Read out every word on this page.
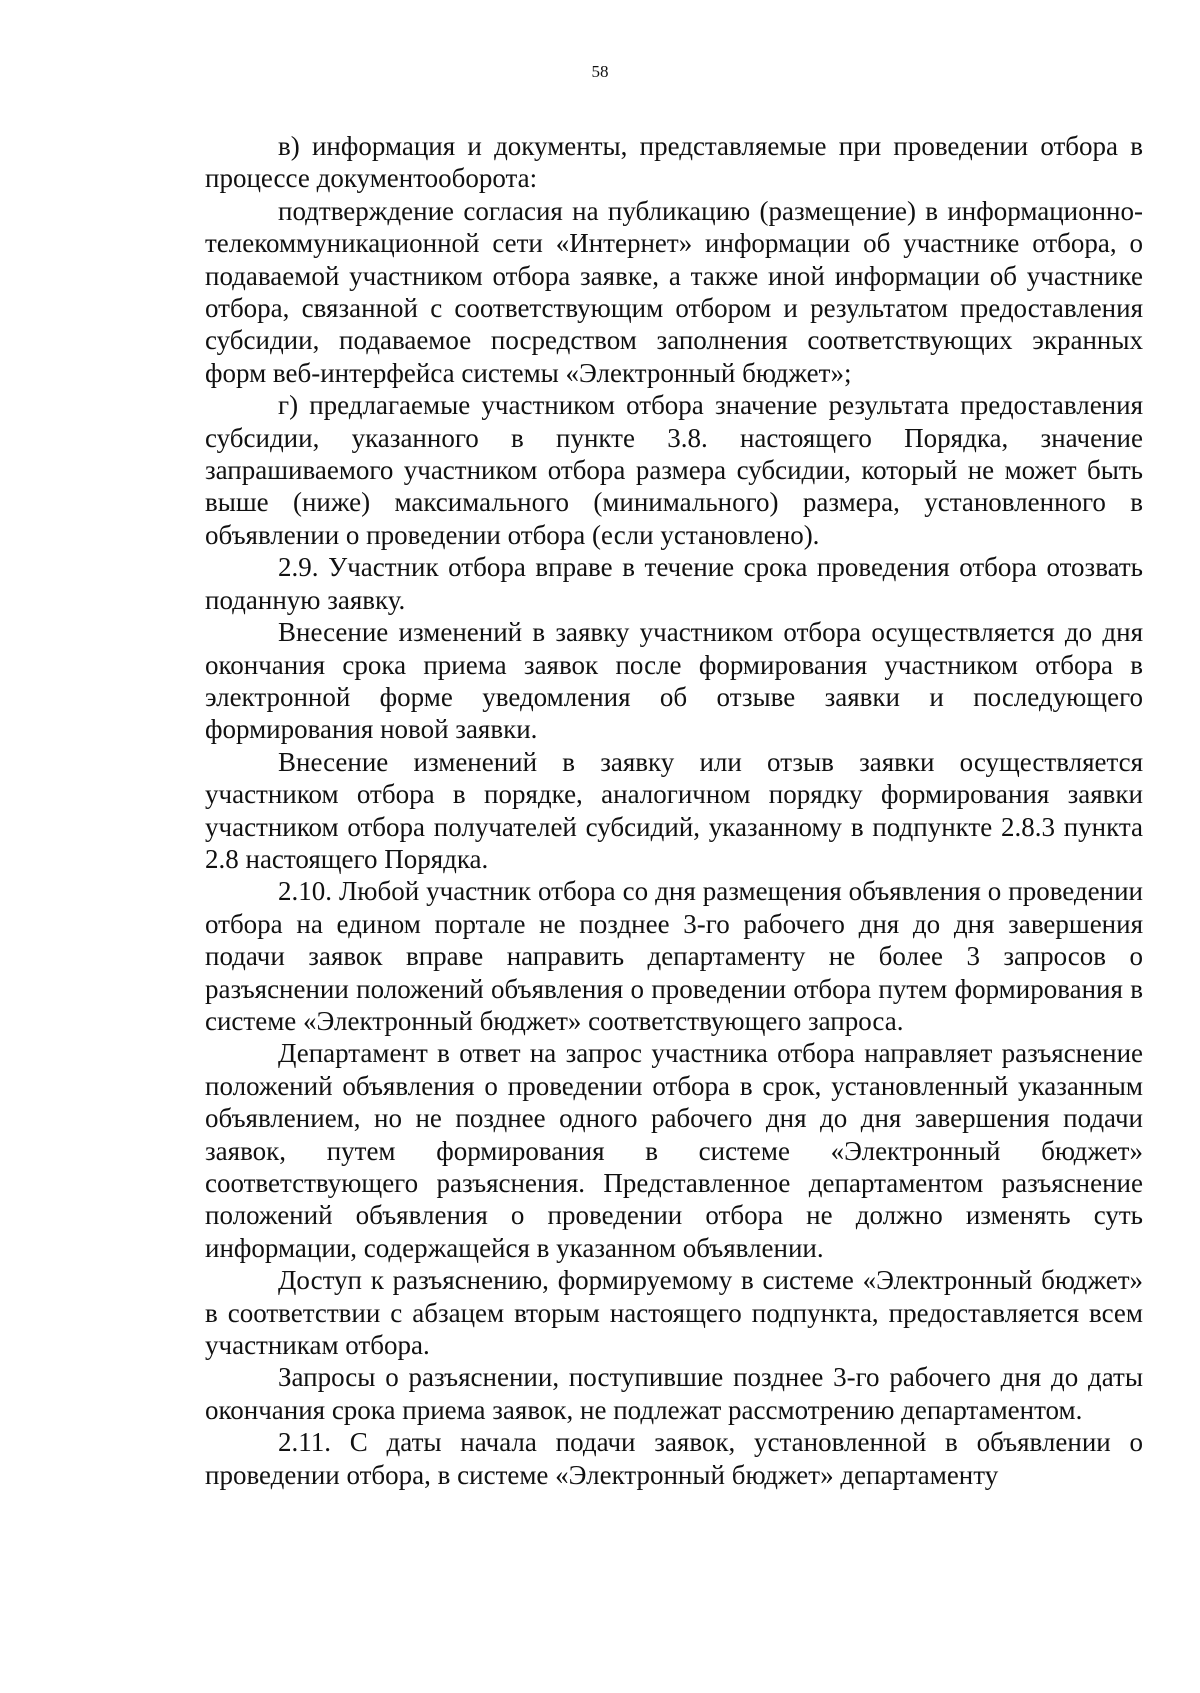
58

в) информация и документы, представляемые при проведении отбора в процессе документооборота:

подтверждение согласия на публикацию (размещение) в информационно-телекоммуникационной сети «Интернет» информации об участнике отбора, о подаваемой участником отбора заявке, а также иной информации об участнике отбора, связанной с соответствующим отбором и результатом предоставления субсидии, подаваемое посредством заполнения соответствующих экранных форм веб-интерфейса системы «Электронный бюджет»;

г) предлагаемые участником отбора значение результата предоставления субсидии, указанного в пункте 3.8. настоящего Порядка, значение запрашиваемого участником отбора размера субсидии, который не может быть выше (ниже) максимального (минимального) размера, установленного в объявлении о проведении отбора (если установлено).

2.9. Участник отбора вправе в течение срока проведения отбора отозвать поданную заявку.

Внесение изменений в заявку участником отбора осуществляется до дня окончания срока приема заявок после формирования участником отбора в электронной форме уведомления об отзыве заявки и последующего формирования новой заявки.

Внесение изменений в заявку или отзыв заявки осуществляется участником отбора в порядке, аналогичном порядку формирования заявки участником отбора получателей субсидий, указанному в подпункте 2.8.3 пункта 2.8 настоящего Порядка.

2.10. Любой участник отбора со дня размещения объявления о проведении отбора на едином портале не позднее 3-го рабочего дня до дня завершения подачи заявок вправе направить департаменту не более 3 запросов о разъяснении положений объявления о проведении отбора путем формирования в системе «Электронный бюджет» соответствующего запроса.

Департамент в ответ на запрос участника отбора направляет разъяснение положений объявления о проведении отбора в срок, установленный указанным объявлением, но не позднее одного рабочего дня до дня завершения подачи заявок, путем формирования в системе «Электронный бюджет» соответствующего разъяснения. Представленное департаментом разъяснение положений объявления о проведении отбора не должно изменять суть информации, содержащейся в указанном объявлении.

Доступ к разъяснению, формируемому в системе «Электронный бюджет» в соответствии с абзацем вторым настоящего подпункта, предоставляется всем участникам отбора.

Запросы о разъяснении, поступившие позднее 3-го рабочего дня до даты окончания срока приема заявок, не подлежат рассмотрению департаментом.

2.11. С даты начала подачи заявок, установленной в объявлении о проведении отбора, в системе «Электронный бюджет» департаменту
